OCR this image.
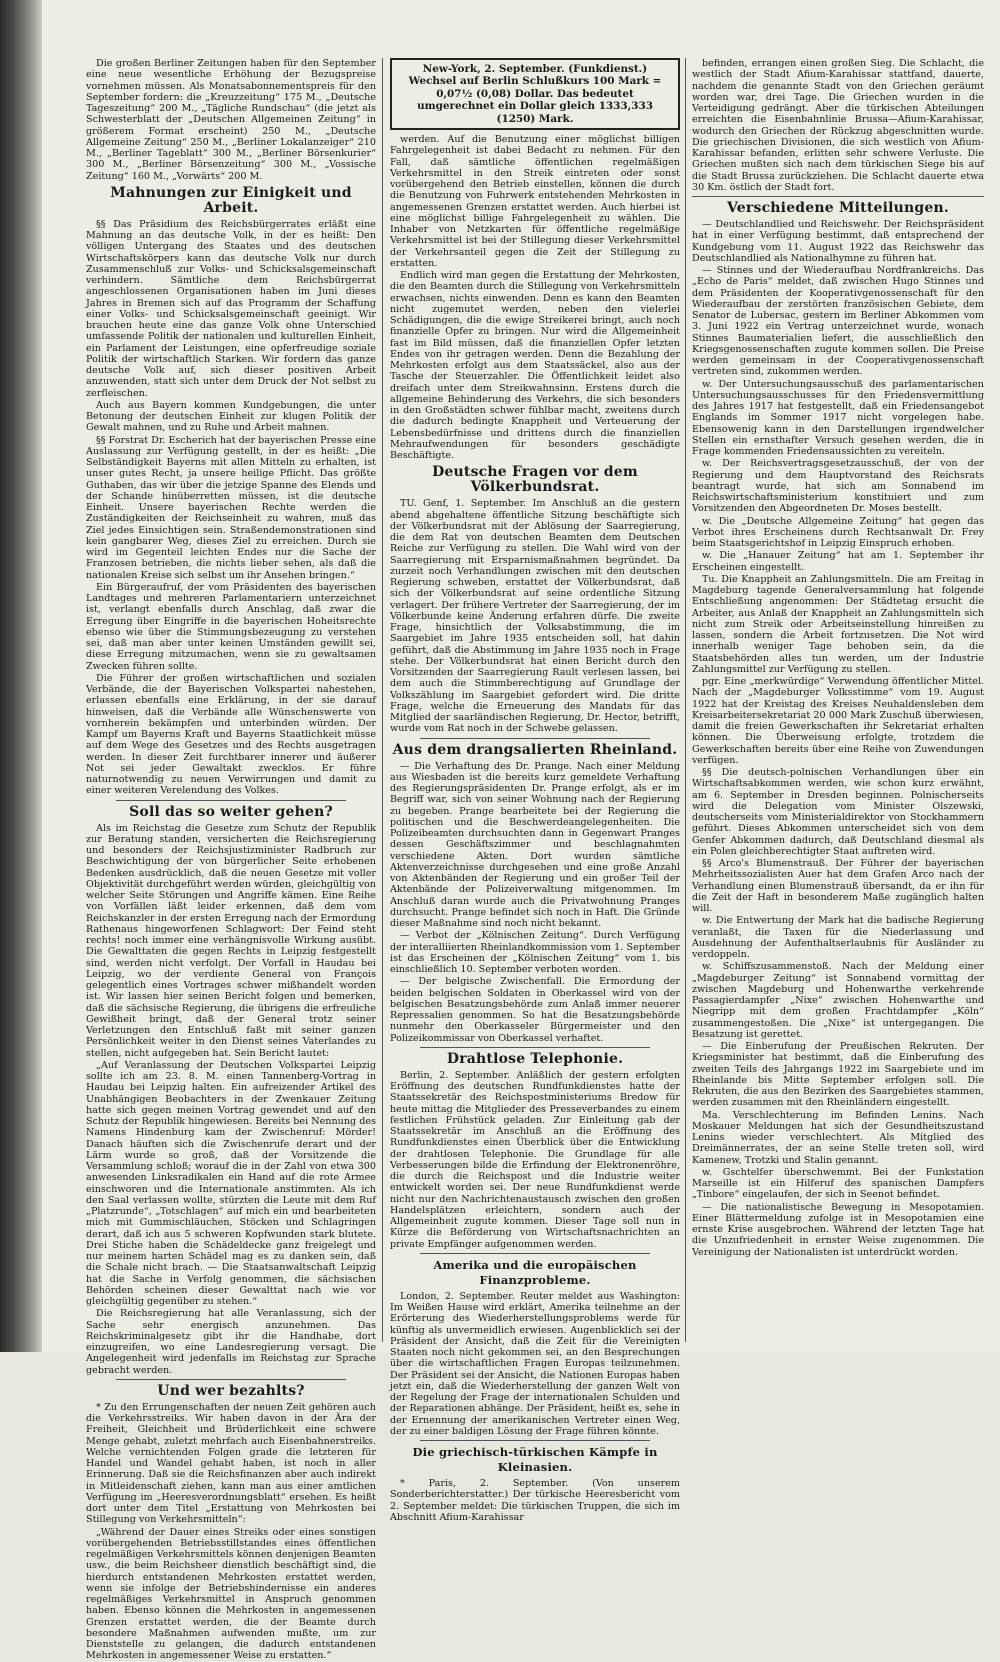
Die großen Berliner Zeitungen haben für den September eine neue wesentliche Erhöhung der Bezugspreise vornehmen müssen. Als Monatsabonnementspreis für den September fordern: die „Kreuzzeitung“ 175 M., „Deutsche Tageszeitung“ 200 M., „Tägliche Rundschau“ (die jetzt als Schwesterblatt der „Deutschen Allgemeinen Zeitung“ in größerem Format erscheint) 250 M., „Deutsche Allgemeine Zeitung“ 250 M., „Berliner Lokalanzeiger“ 210 M., „Berliner Tageblatt“ 300 M., „Berliner Börsenkurier“ 300 M., „Berliner Börsenzeitung“ 300 M., „Vossische Zeitung“ 160 M., „Vorwärts“ 200 M.

Mahnungen zur Einigkeit und Arbeit.

§§ Das Präsidium des Reichsbürgerrates erläßt eine Mahnung an das deutsche Volk, in der es heißt: Den völligen Untergang des Staates und des deutschen Wirtschaftskörpers kann das deutsche Volk nur durch Zusammenschluß zur Volks- und Schicksalsgemeinschaft verhindern. Sämtliche dem Reichsbürgerrat angeschlossenen Organisationen haben im Juni dieses Jahres in Bremen sich auf das Programm der Schaffung einer Volks- und Schicksalsgemeinschaft geeinigt. Wir brauchen heute eine das ganze Volk ohne Unterschied umfassende Politik der nationalen und kulturellen Einheit, ein Parlament der Leistungen, eine opferfreudige soziale Politik der wirtschaftlich Starken. Wir fordern das ganze deutsche Volk auf, sich dieser positiven Arbeit anzuwenden, statt sich unter dem Druck der Not selbst zu zerfleischen.

Auch aus Bayern kommen Kundgebungen, die unter Betonung der deutschen Einheit zur klugen Politik der Gewalt mahnen, und zu Ruhe und Arbeit mahnen.

§§ Forstrat Dr. Escherich hat der bayerischen Presse eine Auslassung zur Verfügung gestellt, in der es heißt: „Die Selbständigkeit Bayerns mit allen Mitteln zu erhalten, ist unser gutes Recht, ja unsere heilige Pflicht. Das größte Guthaben, das wir über die jetzige Spanne des Elends und der Schande hinüberretten müssen, ist die deutsche Einheit. Unsere bayerischen Rechte werden die Zuständigkeiten der Reichseinheit zu wahren, muß das Ziel jedes Einsichtigen sein. Straßendemonstrationen sind kein gangbarer Weg, dieses Ziel zu erreichen. Durch sie wird im Gegenteil leichten Endes nur die Sache der Franzosen betrieben, die nichts lieber sehen, als daß die nationalen Kreise sich selbst um ihr Ansehen bringen.“

Ein Bürgeraufruf, der vom Präsidenten des bayerischen Landtages und mehreren Parlamentariern unterzeichnet ist, verlangt ebenfalls durch Anschlag, daß zwar die Erregung über Eingriffe in die bayerischen Hoheitsrechte ebenso wie über die Stimmungsbezeugung zu verstehen sei, daß man aber unter keinen Umständen gewillt sei, diese Erregung mitzumachen, wenn sie zu gewaltsamen Zwecken führen sollte.

Die Führer der großen wirtschaftlichen und sozialen Verbände, die der Bayerischen Volkspartei nahestehen, erlassen ebenfalls eine Erklärung, in der sie darauf hinweisen, daß die Verbände alle Wünschenswerte von vornherein bekämpfen und unterbinden würden. Der Kampf um Bayerns Kraft und Bayerns Staatlichkeit müsse auf dem Wege des Gesetzes und des Rechts ausgetragen werden. In dieser Zeit furchtbarer innerer und äußerer Not sei jeder Gewaltakt zwecklos. Er führe naturnotwendig zu neuen Verwirrungen und damit zu einer weiteren Verelendung des Volkes.

Soll das so weiter gehen?

Als im Reichstag die Gesetze zum Schutz der Republik zur Beratung standen, versicherten die Reichsregierung und besonders der Reichsjustizminister Radbruch zur Beschwichtigung der von bürgerlicher Seite erhobenen Bedenken ausdrücklich, daß die neuen Gesetze mit voller Objektivität durchgeführt werden würden, gleichgültig von welcher Seite Störungen und Angriffe kämen. Eine Reihe von Vorfällen läßt leider erkennen, daß dem vom Reichskanzler in der ersten Erregung nach der Ermordung Rathenaus hingeworfenen Schlagwort: Der Feind steht rechts! noch immer eine verhängnisvolle Wirkung ausübt. Die Gewalttaten die gegen Rechts in Leipzig festgestellt sind, werden nicht verfolgt. Der Vorfall in Haudau bei Leipzig, wo der verdiente General von François gelegentlich eines Vortrages schwer mißhandelt worden ist. Wir lassen hier seinen Bericht folgen und bemerken, daß die sächsische Regierung, die übrigens die erfreuliche Gewißheit bringt, daß der General trotz seiner Verletzungen den Entschluß faßt mit seiner ganzen Persönlichkeit weiter in den Dienst seines Vaterlandes zu stellen, nicht aufgegeben hat. Sein Bericht lautet:

„Auf Veranlassung der Deutschen Volkspartei Leipzig sollte ich am 23. 8. M. einen Tannenberg-Vortrag in Haudau bei Leipzig halten. Ein aufreizender Artikel des Unabhängigen Beobachters in der Zwenkauer Zeitung hatte sich gegen meinen Vortrag gewendet und auf den Schutz der Republik hingewiesen. Bereits bei Nennung des Namens Hindenburg kam der Zwischenruf: Mörder! Danach häuften sich die Zwischenrufe derart und der Lärm wurde so groß, daß der Vorsitzende die Versammlung schloß; worauf die in der Zahl von etwa 300 anwesenden Linksradikalen ein Hand auf die rote Armee einschworen und die Internationale anstimmten. Als ich den Saal verlassen wollte, stürzten die Leute mit dem Ruf „Platzrunde“, „Totschlagen“ auf mich ein und bearbeiteten mich mit Gummischläuchen, Stöcken und Schlagringen derart, daß ich aus 5 schweren Kopfwunden stark blutete. Drei Stiche haben die Schädeldecke ganz freigelegt und nur meinem harten Schädel mag es zu danken sein, daß die Schale nicht brach. — Die Staatsanwaltschaft Leipzig hat die Sache in Verfolg genommen, die sächsischen Behörden scheinen dieser Gewalttat nach wie vor gleichgültig gegenüber zu stehen.“

Die Reichsregierung hat alle Veranlassung, sich der Sache sehr energisch anzunehmen. Das Reichskriminalgesetz gibt ihr die Handhabe, dort einzugreifen, wo eine Landesregierung versagt. Die Angelegenheit wird jedenfalls im Reichstag zur Sprache gebracht werden.

Und wer bezahlts?

* Zu den Errungenschaften der neuen Zeit gehören auch die Verkehrsstreiks. Wir haben davon in der Ära der Freiheit, Gleichheit und Brüderlichkeit eine schwere Menge gehabt, zuletzt mehrfach auch Eisenbahnerstreiks. Welche vernichtenden Folgen grade die letzteren für Handel und Wandel gehabt haben, ist noch in aller Erinnerung. Daß sie die Reichsfinanzen aber auch indirekt in Mitleidenschaft ziehen, kann man aus einer amtlichen Verfügung im „Heeresverordnungsblatt“ ersehen. Es heißt dort unter dem Titel „Erstattung von Mehrkosten bei Stillegung von Verkehrsmitteln“:

„Während der Dauer eines Streiks oder eines sonstigen vorübergehenden Betriebsstillstandes eines öffentlichen regelmäßigen Verkehrsmittels können denjenigen Beamten usw., die beim Reichsheer dienstlich beschäftigt sind, die hierdurch entstandenen Mehrkosten erstattet werden, wenn sie infolge der Betriebshindernisse ein anderes regelmäßiges Verkehrsmittel in Anspruch genommen haben. Ebenso können die Mehrkosten in angemessenen Grenzen erstattet werden, die der Beamte durch besondere Maßnahmen aufwenden mußte, um zur Dienststelle zu gelangen, die dadurch entstandenen Mehrkosten in angemessener Weise zu erstatten.“

New-York, 2. September. (Funkdienst.) Wechsel auf Berlin Schlußkurs 100 Mark = 0,07½ (0,08) Dollar. Das bedeutet umgerechnet ein Dollar gleich 1333,333 (1250) Mark.

werden. Auf die Benutzung einer möglichst billigen Fahrgelegenheit ist dabei Bedacht zu nehmen. Für den Fall, daß sämtliche öffentlichen regelmäßigen Verkehrsmittel in den Streik eintreten oder sonst vorübergehend den Betrieb einstellen, können die durch die Benutzung von Fuhrwerk entstehenden Mehrkosten in angemessenen Grenzen erstattet werden. Auch hierbei ist eine möglichst billige Fahrgelegenheit zu wählen. Die Inhaber von Netzkarten für öffentliche regelmäßige Verkehrsmittel ist bei der Stillegung dieser Verkehrsmittel der Verkehrsanteil gegen die Zeit der Stillegung zu erstatten.

Endlich wird man gegen die Erstattung der Mehrkosten, die den Beamten durch die Stillegung von Verkehrsmitteln erwachsen, nichts einwenden. Denn es kann den Beamten nicht zugemutet werden, neben den vielerlei Schädigungen, die die ewige Streikerei bringt, auch noch finanzielle Opfer zu bringen. Nur wird die Allgemeinheit fast im Bild müssen, daß die finanziellen Opfer letzten Endes von ihr getragen werden. Denn die Bezahlung der Mehrkosten erfolgt aus dem Staatssäckel, also aus der Tasche der Steuerzahler. Die Öffentlichkeit leidet also dreifach unter dem Streikwahnsinn. Erstens durch die allgemeine Behinderung des Verkehrs, die sich besonders in den Großstädten schwer fühlbar macht, zweitens durch die dadurch bedingte Knappheit und Verteuerung der Lebensbedürfnisse und drittens durch die finanziellen Mehraufwendungen für besonders geschädigte Beschäftigte.

Deutsche Fragen vor dem Völkerbundsrat.

TU. Genf, 1. September. Im Anschluß an die gestern abend abgehaltene öffentliche Sitzung beschäftigte sich der Völkerbundsrat mit der Ablösung der Saarregierung, die dem Rat von deutschen Beamten dem Deutschen Reiche zur Verfügung zu stellen. Die Wahl wird von der Saarregierung mit Ersparnismaßnahmen begründet. Da zurzeit noch Verhandlungen zwischen mit den deutschen Regierung schweben, erstattet der Völkerbundsrat, daß sich der Völkerbundsrat auf seine ordentliche Sitzung verlagert. Der frühere Vertreter der Saarregierung, der im Völkerbunde keine Änderung erfahren dürfe. Die zweite Frage, hinsichtlich der Volksabstimmung, die im Saargebiet im Jahre 1935 entscheiden soll, hat dahin geführt, daß die Abstimmung im Jahre 1935 noch in Frage stehe. Der Völkerbundsrat hat einen Bericht durch den Vorsitzenden der Saarregierung Rault verlesen lassen, bei dem auch die Stimmberechtigung auf Grundlage der Volkszählung im Saargebiet gefordert wird. Die dritte Frage, welche die Erneuerung des Mandats für das Mitglied der saarländischen Regierung, Dr. Hector, betrifft, wurde vom Rat noch in der Schwebe gelassen.

Aus dem drangsalierten Rheinland.

— Die Verhaftung des Dr. Prange. Nach einer Meldung aus Wiesbaden ist die bereits kurz gemeldete Verhaftung des Regierungspräsidenten Dr. Prange erfolgt, als er im Begriff war, sich von seiner Wohnung nach der Regierung zu begeben. Prange bearbeitete bei der Regierung die politischen und die Beschwerdeangelegenheiten. Die Polizeibeamten durchsuchten dann in Gegenwart Pranges dessen Geschäftszimmer und beschlagnahmten verschiedene Akten. Dort wurden sämtliche Aktenverzeichnisse durchgesehen und eine große Anzahl von Aktenbänden der Regierung und ein großer Teil der Aktenbände der Polizeiverwaltung mitgenommen. Im Anschluß daran wurde auch die Privatwohnung Pranges durchsucht. Prange befindet sich noch in Haft. Die Gründe dieser Maßnahme sind noch nicht bekannt.

— Verbot der „Kölnischen Zeitung“. Durch Verfügung der interalliierten Rheinlandkommission vom 1. September ist das Erscheinen der „Kölnischen Zeitung“ vom 1. bis einschließlich 10. September verboten worden.

— Der belgische Zwischenfall. Die Ermordung der beiden belgischen Soldaten in Oberkassel wird von der belgischen Besatzungsbehörde zum Anlaß immer neuerer Repressalien genommen. So hat die Besatzungsbehörde nunmehr den Oberkasseler Bürgermeister und den Polizeikommissar von Oberkassel verhaftet.

Drahtlose Telephonie.

Berlin, 2. September. Anläßlich der gestern erfolgten Eröffnung des deutschen Rundfunkdienstes hatte der Staatssekretär des Reichspostministeriums Bredow für heute mittag die Mitglieder des Presseverbandes zu einem festlichen Frühstück geladen. Zur Einleitung gab der Staatssekretär im Anschluß an die Eröffnung des Rundfunkdienstes einen Überblick über die Entwicklung der drahtlosen Telephonie. Die Grundlage für alle Verbesserungen bilde die Erfindung der Elektronenröhre, die durch die Reichspost und die Industrie weiter entwickelt worden sei. Der neue Rundfunkdienst werde nicht nur den Nachrichtenaustausch zwischen den großen Handelsplätzen erleichtern, sondern auch der Allgemeinheit zugute kommen. Dieser Tage soll nun in Kürze die Beförderung von Wirtschaftsnachrichten an private Empfänger aufgenommen werden.

Amerika und die europäischen Finanzprobleme.

London, 2. September. Reuter meldet aus Washington: Im Weißen Hause wird erklärt, Amerika teilnehme an der Erörterung des Wiederherstellungsproblems werde für künftig als unvermeidlich erwiesen. Augenblicklich sei der Präsident der Ansicht, daß die Zeit für die Vereinigten Staaten noch nicht gekommen sei, an den Besprechungen über die wirtschaftlichen Fragen Europas teilzunehmen. Der Präsident sei der Ansicht, die Nationen Europas haben jetzt ein, daß die Wiederherstellung der ganzen Welt von der Regelung der Frage der internationalen Schulden und der Reparationen abhänge. Der Präsident, heißt es, sehe in der Ernennung der amerikanischen Vertreter einen Weg, der zu einer baldigen Lösung der Frage führen könnte.

Die griechisch-türkischen Kämpfe in Kleinasien.

* Paris, 2. September. (Von unserem Sonderberichterstatter.) Der türkische Heeresbericht vom 2. September meldet: Die türkischen Truppen, die sich im Abschnitt Afium-Karahissar

befinden, errangen einen großen Sieg. Die Schlacht, die westlich der Stadt Afium-Karahissar stattfand, dauerte, nachdem die genannte Stadt von den Griechen geräumt worden war, drei Tage. Die Griechen wurden in die Verteidigung gedrängt. Aber die türkischen Abteilungen erreichten die Eisenbahnlinie Brussa—Afium-Karahissar, wodurch den Griechen der Rückzug abgeschnitten wurde. Die griechischen Divisionen, die sich westlich von Afium-Karahissar befanden, erlitten sehr schwere Verluste. Die Griechen mußten sich nach dem türkischen Siege bis auf die Stadt Brussa zurückziehen. Die Schlacht dauerte etwa 30 Km. östlich der Stadt fort.

Verschiedene Mitteilungen.

— Deutschlandlied und Reichswehr. Der Reichspräsident hat in einer Verfügung bestimmt, daß entsprechend der Kundgebung vom 11. August 1922 das Reichswehr das Deutschlandlied als Nationalhymne zu führen hat.

— Stinnes und der Wiederaufbau Nordfrankreichs. Das „Echo de Paris“ meldet, daß zwischen Hugo Stinnes und dem Präsidenten der Kooperativgenossenschaft für den Wiederaufbau der zerstörten französischen Gebiete, dem Senator de Lubersac, gestern im Berliner Abkommen vom 3. Juni 1922 ein Vertrag unterzeichnet wurde, wonach Stinnes Baumaterialien liefert, die ausschließlich den Kriegsgenossenschaften zugute kommen sollen. Die Preise werden gemeinsam in der Cooperativgenossenschaft vertreten sind, zukommen werden.

w. Der Untersuchungsausschuß des parlamentarischen Untersuchungsausschusses für den Friedensvermittlung des Jahres 1917 hat festgestellt, daß ein Friedensangebot Englands im Sommer 1917 nicht vorgelegen habe. Ebensowenig kann in den Darstellungen irgendwelcher Stellen ein ernsthafter Versuch gesehen werden, die in Frage kommenden Friedensaussichten zu vereiteln.

w. Der Reichsvertragsgesetzausschuß, der von der Regierung und dem Hauptvorstand des Reichsrats beantragt wurde, hat sich am Sonnabend im Reichswirtschaftsministerium konstituiert und zum Vorsitzenden den Abgeordneten Dr. Moses bestellt.

w. Die „Deutsche Allgemeine Zeitung“ hat gegen das Verbot ihres Erscheinens durch Rechtsanwalt Dr. Frey beim Staatsgerichtshof in Leipzig Einspruch erhoben.

w. Die „Hanauer Zeitung“ hat am 1. September ihr Erscheinen eingestellt.

Tu. Die Knappheit an Zahlungsmitteln. Die am Freitag in Magdeburg tagende Generalversammlung hat folgende Entschließung angenommen: Der Städtetag ersucht die Arbeiter, aus Anlaß der Knappheit an Zahlungsmitteln sich nicht zum Streik oder Arbeitseinstellung hinreißen zu lassen, sondern die Arbeit fortzusetzen. Die Not wird innerhalb weniger Tage behoben sein, da die Staatsbehörden alles tun werden, um der Industrie Zahlungsmittel zur Verfügung zu stellen.

pgr. Eine „merkwürdige“ Verwendung öffentlicher Mittel. Nach der „Magdeburger Volksstimme“ vom 19. August 1922 hat der Kreistag des Kreises Neuhaldensleben dem Kreisarbeitersekretariat 20 000 Mark Zuschuß überwiesen, damit die freien Gewerkschaften ihr Sekretariat erhalten können. Die Überweisung erfolgte, trotzdem die Gewerkschaften bereits über eine Reihe von Zuwendungen verfügen.

§§ Die deutsch-polnischen Verhandlungen über ein Wirtschaftsabkommen werden, wie schon kurz erwähnt, am 6. September in Dresden beginnen. Polnischerseits wird die Delegation vom Minister Olszewski, deutscherseits vom Ministerialdirektor von Stockhammern geführt. Dieses Abkommen unterscheidet sich von dem Genfer Abkommen dadurch, daß Deutschland diesmal als ein Polen gleichberechtigter Staat auftreten wird.

§§ Arco's Blumenstrauß. Der Führer der bayerischen Mehrheitssozialisten Auer hat dem Grafen Arco nach der Verhandlung einen Blumenstrauß übersandt, da er ihn für die Zeit der Haft in besonderem Maße zugänglich halten will.

w. Die Entwertung der Mark hat die badische Regierung veranlaßt, die Taxen für die Niederlassung und Ausdehnung der Aufenthaltserlaubnis für Ausländer zu verdoppeln.

w. Schiffszusammenstoß. Nach der Meldung einer „Magdeburger Zeitung“ ist Sonnabend vormittag der zwischen Magdeburg und Hohenwarthe verkehrende Passagierdampfer „Nixe“ zwischen Hohenwarthe und Niegripp mit dem großen Frachtdampfer „Köln“ zusammengestoßen. Die „Nixe“ ist untergegangen. Die Besatzung ist gerettet.

— Die Einberufung der Preußischen Rekruten. Der Kriegsminister hat bestimmt, daß die Einberufung des zweiten Teils des Jahrgangs 1922 im Saargebiete und im Rheinlande bis Mitte September erfolgen soll. Die Rekruten, die aus den Bezirken des Saargebietes stammen, werden zusammen mit den Rheinländern eingestellt.

Ma. Verschlechterung im Befinden Lenins. Nach Moskauer Meldungen hat sich der Gesundheitszustand Lenins wieder verschlechtert. Als Mitglied des Dreimännerrates, der an seine Stelle treten soll, wird Kamenew, Trotzki und Stalin genannt.

w. Gschtelfer überschwemmt. Bei der Funkstation Marseille ist ein Hilferuf des spanischen Dampfers „Tinbore“ eingelaufen, der sich in Seenot befindet.

— Die nationalistische Bewegung in Mesopotamien. Einer Blättermeldung zufolge ist in Mesopotamien eine ernste Krise ausgebrochen. Während der letzten Tage hat die Unzufriedenheit in ernster Weise zugenommen. Die Vereinigung der Nationalisten ist unterdrückt worden.
